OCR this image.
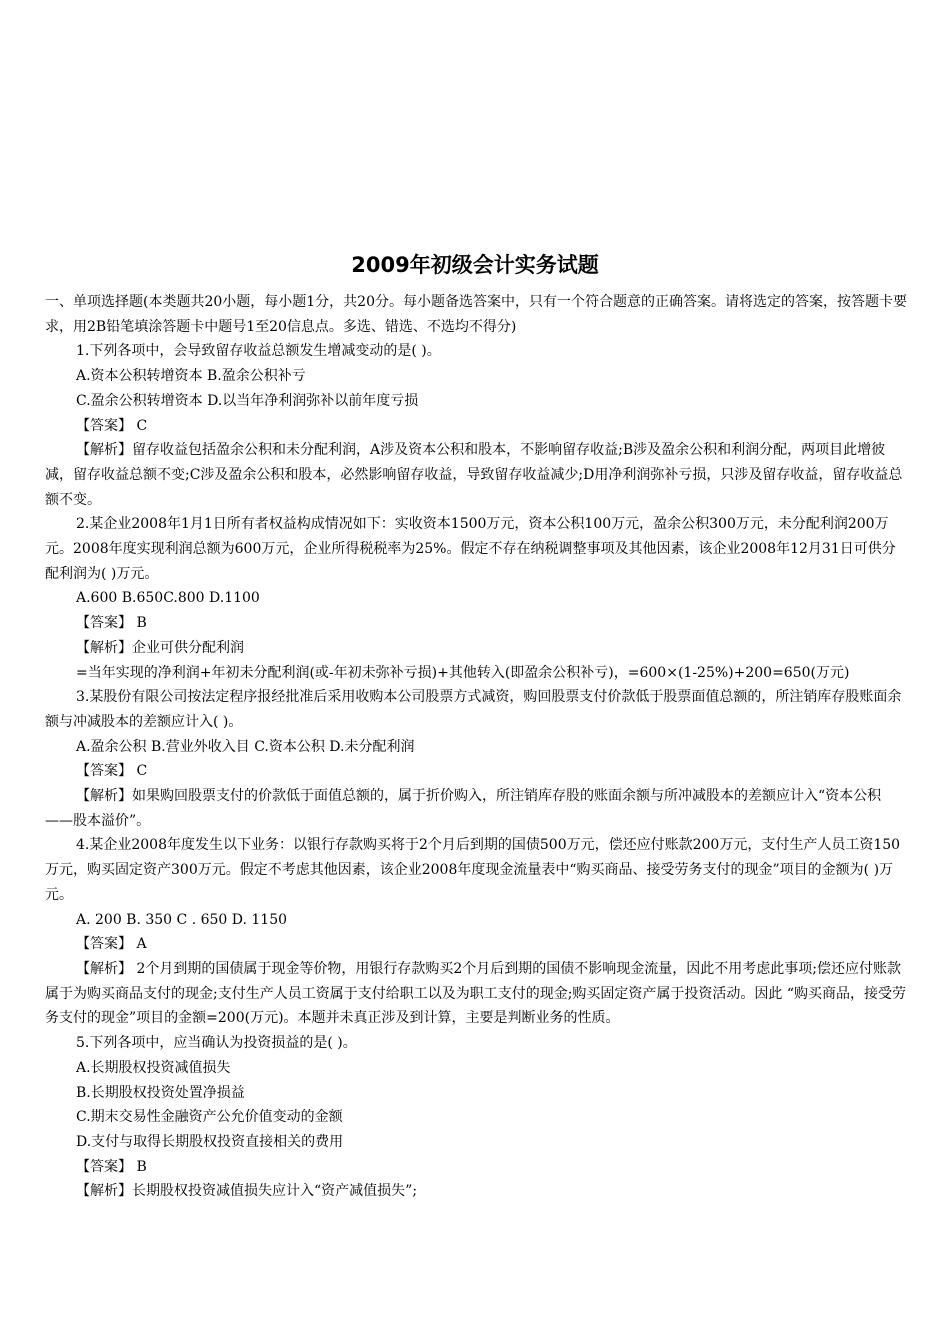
2009年初级会计实务试题

一、单项选择题(本类题共20小题，每小题1分，共20分。每小题备选答案中，只有一个符合题意的正确答案。请将选定的答案，按答题卡要求，用2B铅笔填涂答题卡中题号1至20信息点。多选、错选、不选均不得分)

1.下列各项中，会导致留存收益总额发生增减变动的是( )。

A.资本公积转增资本 B.盈余公积补亏

C.盈余公积转增资本 D.以当年净利润弥补以前年度亏损

【答案】 C

【解析】留存收益包括盈余公积和未分配利润，A涉及资本公积和股本，不影响留存收益;B涉及盈余公积和利润分配，两项目此增彼减，留存收益总额不变;C涉及盈余公积和股本，必然影响留存收益，导致留存收益减少;D用净利润弥补亏损，只涉及留存收益，留存收益总额不变。

2.某企业2008年1月1日所有者权益构成情况如下：实收资本1500万元，资本公积100万元，盈余公积300万元，未分配利润200万元。2008年度实现利润总额为600万元，企业所得税税率为25%。假定不存在纳税调整事项及其他因素，该企业2008年12月31日可供分配利润为( )万元。

A.600 B.650C.800 D.1100

【答案】 B

【解析】企业可供分配利润

=当年实现的净利润+年初未分配利润(或-年初未弥补亏损)+其他转入(即盈余公积补亏)，=600×(1-25%)+200=650(万元)

3.某股份有限公司按法定程序报经批准后采用收购本公司股票方式减资，购回股票支付价款低于股票面值总额的，所注销库存股账面余额与冲减股本的差额应计入( )。

A.盈余公积 B.营业外收入目 C.资本公积 D.未分配利润

【答案】 C

【解析】如果购回股票支付的价款低于面值总额的，属于折价购入，所注销库存股的账面余额与所冲减股本的差额应计入“资本公积——股本溢价”。

4.某企业2008年度发生以下业务：以银行存款购买将于2个月后到期的国债500万元，偿还应付账款200万元，支付生产人员工资150万元，购买固定资产300万元。假定不考虑其他因素，该企业2008年度现金流量表中“购买商品、接受劳务支付的现金”项目的金额为( )万元。

A. 200 B. 350 C . 650 D. 1150

【答案】 A

【解析】 2个月到期的国债属于现金等价物，用银行存款购买2个月后到期的国债不影响现金流量，因此不用考虑此事项;偿还应付账款属于为购买商品支付的现金;支付生产人员工资属于支付给职工以及为职工支付的现金;购买固定资产属于投资活动。因此 “购买商品，接受劳务支付的现金”项目的金额=200(万元)。本题并未真正涉及到计算，主要是判断业务的性质。

5.下列各项中，应当确认为投资损益的是( )。

A.长期股权投资减值损失

B.长期股权投资处置净损益

C.期末交易性金融资产公允价值变动的金额

D.支付与取得长期股权投资直接相关的费用

【答案】 B

【解析】长期股权投资减值损失应计入“资产减值损失”;
